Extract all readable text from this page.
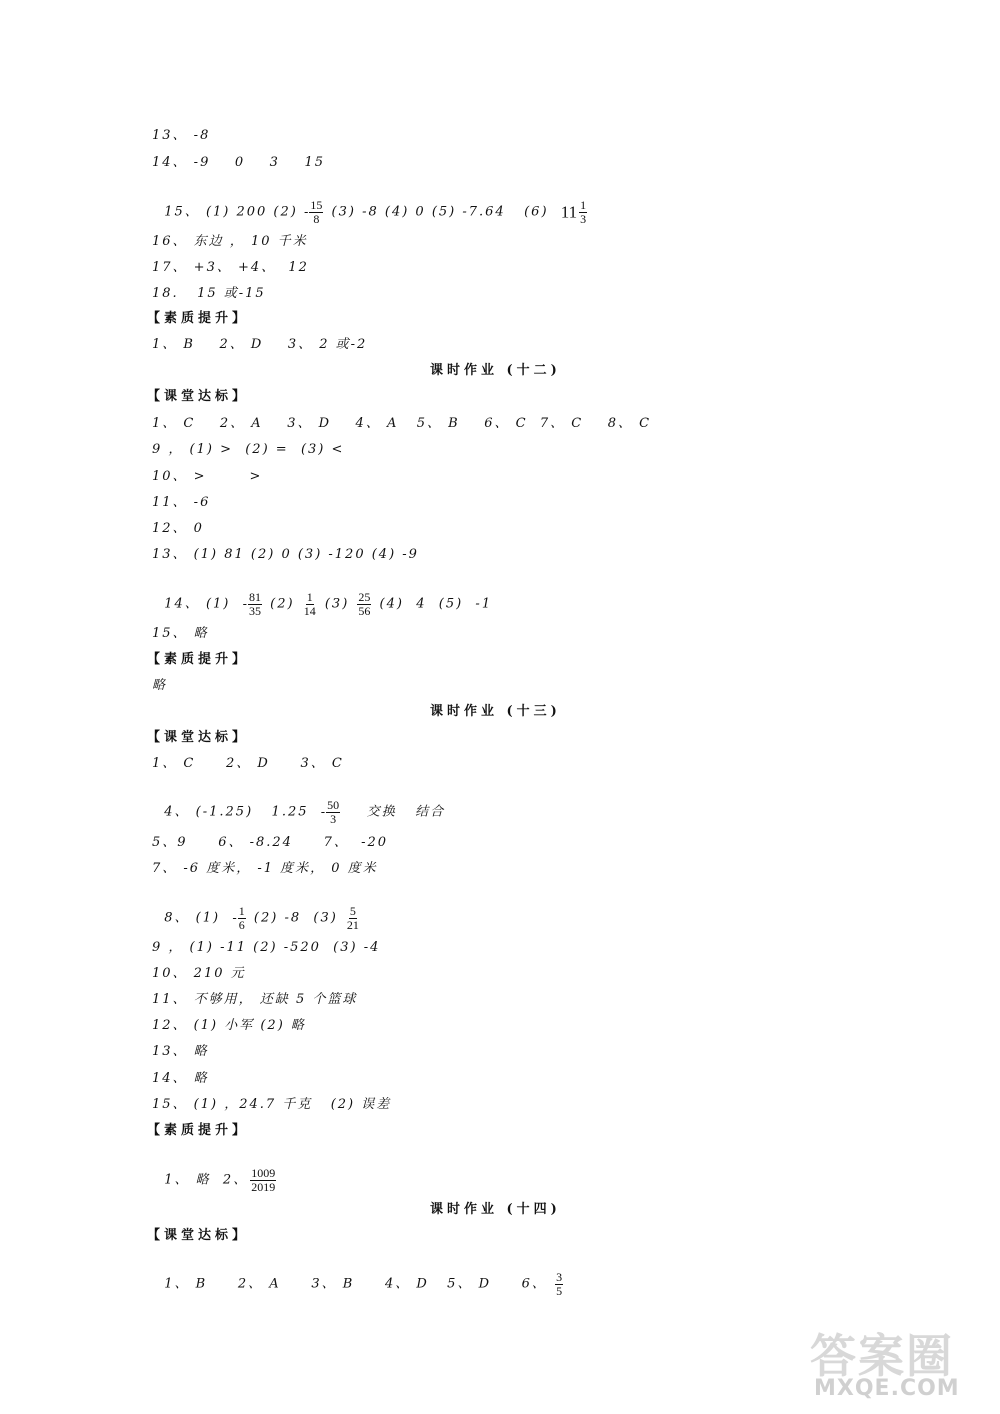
13、 -8
14、 -9    0    3    15

15、 (1) 200 $(2) - \frac{15}{8} (3)$ -8 (4) 0 (5) -7.64   (6)  $11 \frac{1}{3}$

16、 东边 ， 10 千米
17、 +3、 +4、  12
18.   15 或-15
【素质提升】
1、 B    2、 D    3、 2 或-2
课时作业 (十二)
【课堂达标】
1、 C    2、 A    3、 D    4、 A   5、 B    6、 C  7、 C    8、 C
9 ， (1) >  (2) =  (3) <
10、 >       >
11、 -6
12、 0
13、 (1) 81 (2) 0 (3) -120 (4) -9

14、 $(1) - \frac{81}{35} (2) \frac{1}{14} (3) \frac{25}{56} (4)$  4  (5)  -1

15、 略
【素质提升】
略
课时作业 (十三)
【课堂达标】
1、 C     2、 D     3、 C

4、 (-1.25)   $1.25 - \frac{50}{3}$ 交换   结合

5、9     6、 -8.24     7、  -20
7、 -6 度米， -1 度米， 0 度米

8、 $(1) - \frac{1}{6} (2)$ -8  $(3) \frac{5}{21}$

9 ， (1) -11 (2) -520  (3) -4
10、 210 元
11、 不够用， 还缺 5 个篮球
12、 (1) 小军 (2) 略
13、 略
14、 略
15、 (1) ，24.7 千克   (2) 误差
【素质提升】

1、 略  2、 $\frac{1009}{2019}$

课时作业 (十四)
【课堂达标】

1、 B     2、 A     3、 B     4、 D   5、 D     6、 $\frac{3}{5}$

答案圈
MXQE.COM
